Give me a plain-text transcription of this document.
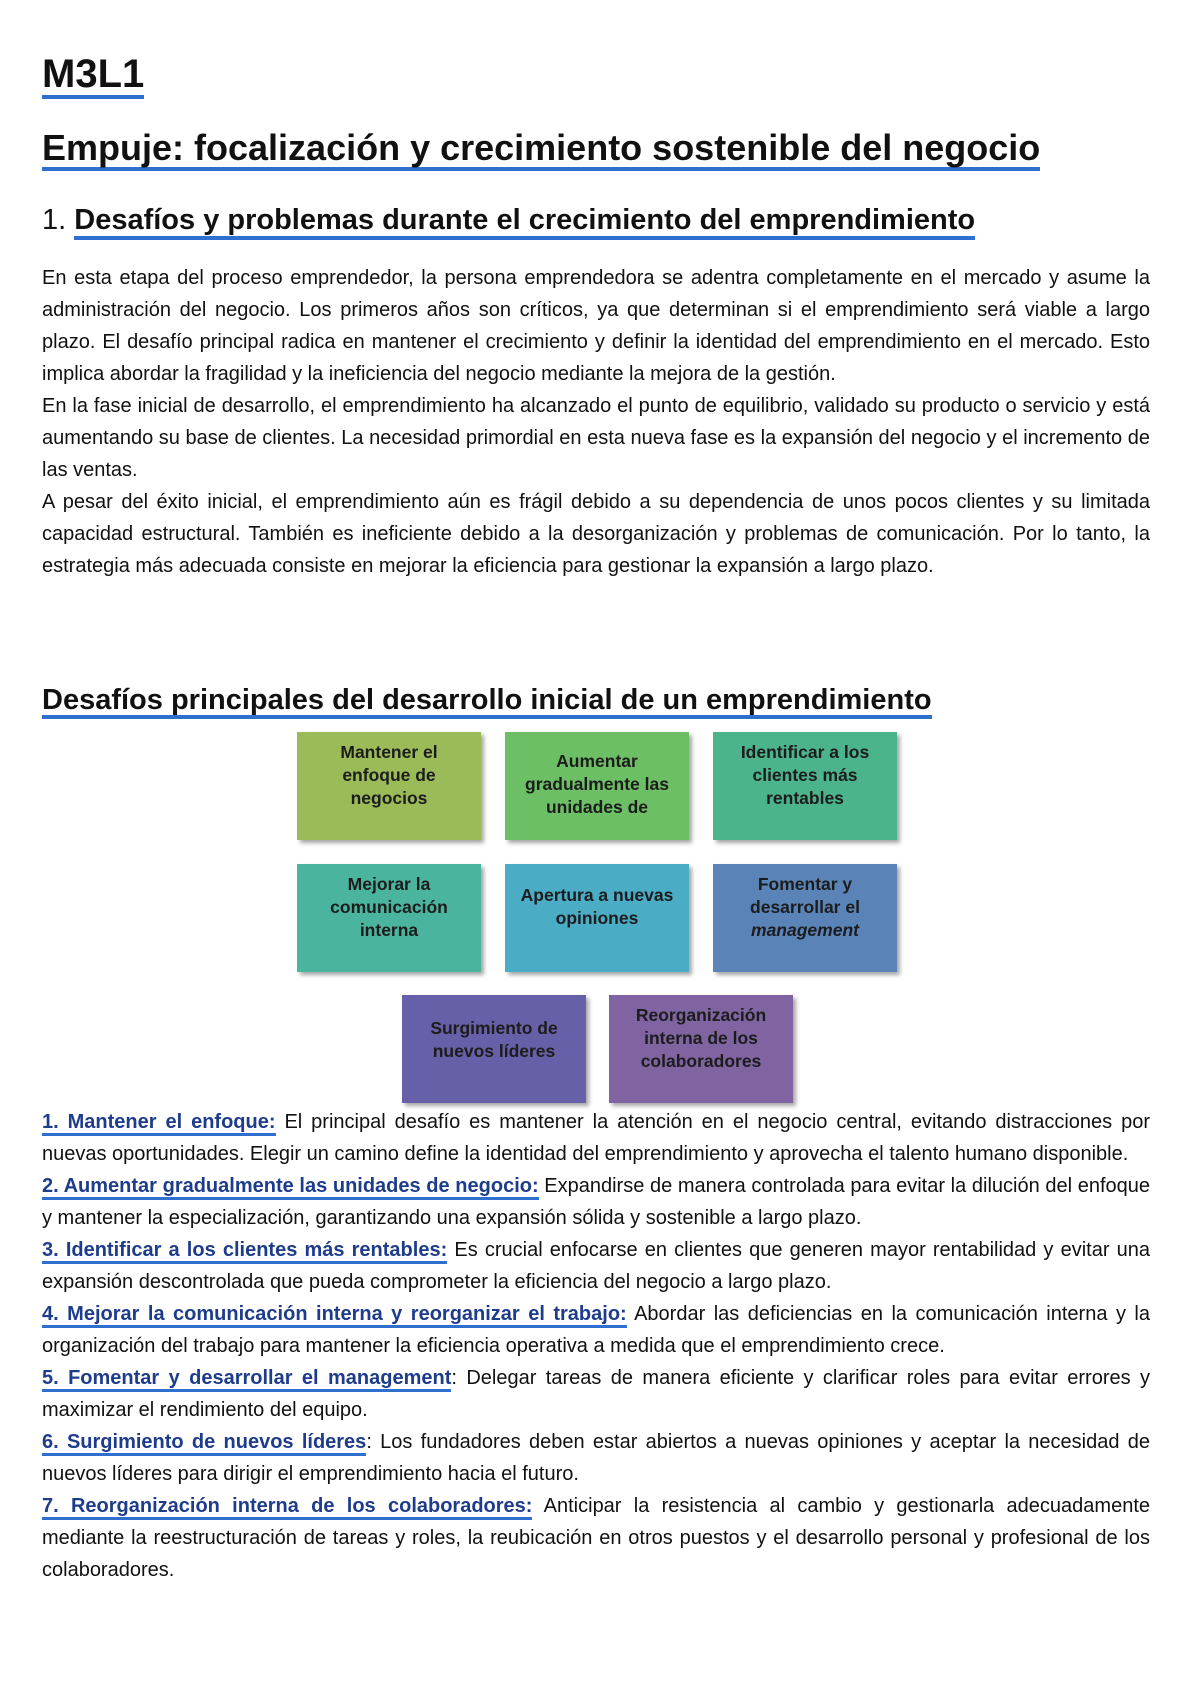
M3L1
Empuje: focalización y crecimiento sostenible del negocio
1. Desafíos y problemas durante el crecimiento del emprendimiento

En esta etapa del proceso emprendedor, la persona emprendedora se adentra completamente en el mercado y asume la administración del negocio. Los primeros años son críticos, ya que determinan si el emprendimiento será viable a largo plazo. El desafío principal radica en mantener el crecimiento y definir la identidad del emprendimiento en el mercado. Esto implica abordar la fragilidad y la ineficiencia del negocio mediante la mejora de la gestión.

En la fase inicial de desarrollo, el emprendimiento ha alcanzado el punto de equilibrio, validado su producto o servicio y está aumentando su base de clientes. La necesidad primordial en esta nueva fase es la expansión del negocio y el incremento de las ventas.

A pesar del éxito inicial, el emprendimiento aún es frágil debido a su dependencia de unos pocos clientes y su limitada capacidad estructural. También es ineficiente debido a la desorganización y problemas de comunicación. Por lo tanto, la estrategia más adecuada consiste en mejorar la eficiencia para gestionar la expansión a largo plazo.

Desafíos principales del desarrollo inicial de un emprendimiento
Mantener el enfoque de negocios
Aumentar gradualmente las unidades de
Identificar a los clientes más rentables
Mejorar la comunicación interna
Apertura a nuevas opiniones
Fomentar y desarrollar el
management
Surgimiento de nuevos líderes
Reorganización interna de los colaboradores

1. Mantener el enfoque: El principal desafío es mantener la atención en el negocio central, evitando distracciones por nuevas oportunidades. Elegir un camino define la identidad del emprendimiento y aprovecha el talento humano disponible.

2. Aumentar gradualmente las unidades de negocio: Expandirse de manera controlada para evitar la dilución del enfoque y mantener la especialización, garantizando una expansión sólida y sostenible a largo plazo.

3. Identificar a los clientes más rentables: Es crucial enfocarse en clientes que generen mayor rentabilidad y evitar una expansión descontrolada que pueda comprometer la eficiencia del negocio a largo plazo.

4. Mejorar la comunicación interna y reorganizar el trabajo: Abordar las deficiencias en la comunicación interna y la organización del trabajo para mantener la eficiencia operativa a medida que el emprendimiento crece.

5. Fomentar y desarrollar el management: Delegar tareas de manera eficiente y clarificar roles para evitar errores y maximizar el rendimiento del equipo.

6. Surgimiento de nuevos líderes: Los fundadores deben estar abiertos a nuevas opiniones y aceptar la necesidad de nuevos líderes para dirigir el emprendimiento hacia el futuro.

7. Reorganización interna de los colaboradores: Anticipar la resistencia al cambio y gestionarla adecuadamente mediante la reestructuración de tareas y roles, la reubicación en otros puestos y el desarrollo personal y profesional de los colaboradores.
